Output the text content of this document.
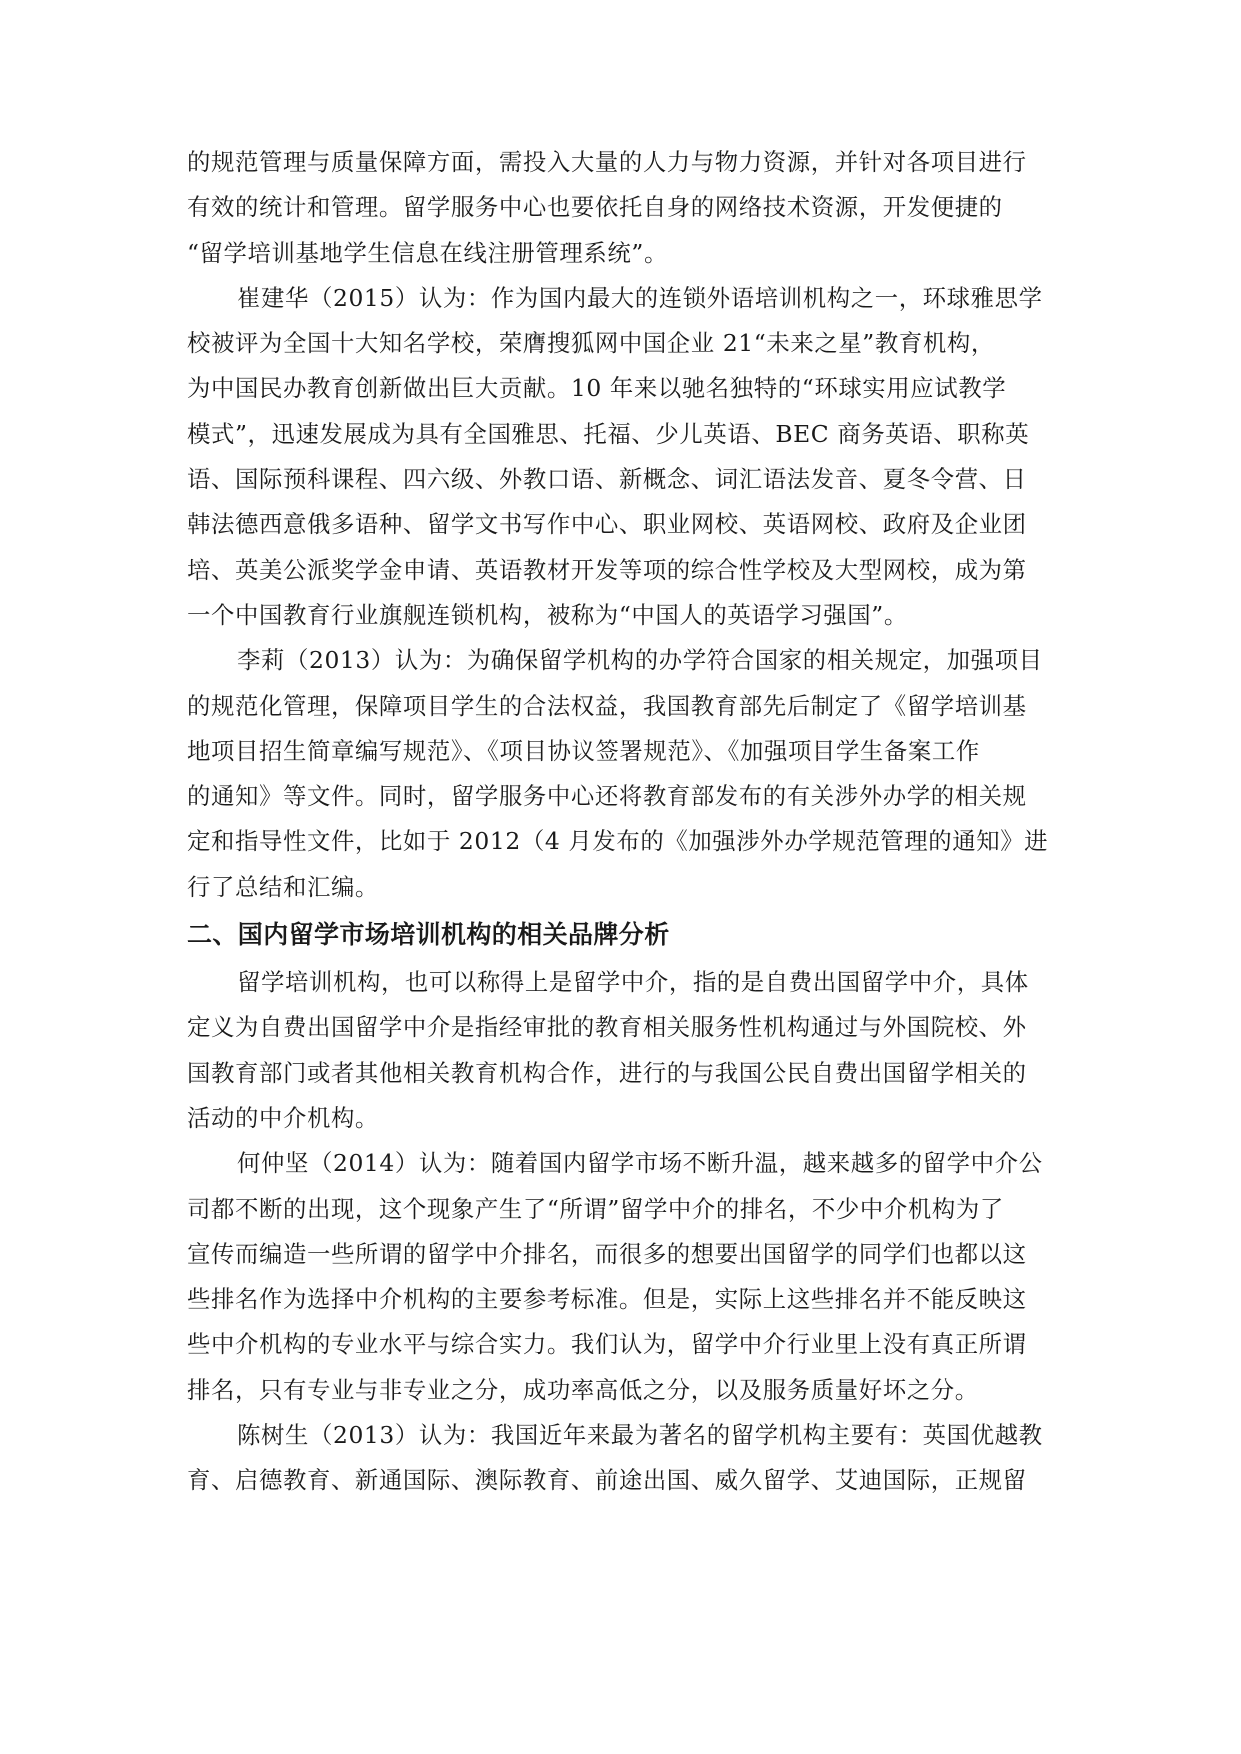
的规范管理与质量保障方面，需投入大量的人力与物力资源，并针对各项目进行
有效的统计和管理。留学服务中心也要依托自身的网络技术资源，开发便捷的
“留学培训基地学生信息在线注册管理系统”。

崔建华（2015）认为：作为国内最大的连锁外语培训机构之一，环球雅思学
校被评为全国十大知名学校，荣膺搜狐网中国企业 21“未来之星”教育机构，
为中国民办教育创新做出巨大贡献。10 年来以驰名独特的“环球实用应试教学
模式”，迅速发展成为具有全国雅思、托福、少儿英语、BEC 商务英语、职称英
语、国际预科课程、四六级、外教口语、新概念、词汇语法发音、夏冬令营、日
韩法德西意俄多语种、留学文书写作中心、职业网校、英语网校、政府及企业团
培、英美公派奖学金申请、英语教材开发等项的综合性学校及大型网校，成为第
一个中国教育行业旗舰连锁机构，被称为“中国人的英语学习强国”。

李莉（2013）认为：为确保留学机构的办学符合国家的相关规定，加强项目
的规范化管理，保障项目学生的合法权益，我国教育部先后制定了《留学培训基
地项目招生简章编写规范》、《项目协议签署规范》、《加强项目学生备案工作
的通知》等文件。同时，留学服务中心还将教育部发布的有关涉外办学的相关规
定和指导性文件，比如于 2012（4 月发布的《加强涉外办学规范管理的通知》进
行了总结和汇编。

二、国内留学市场培训机构的相关品牌分析

留学培训机构，也可以称得上是留学中介，指的是自费出国留学中介，具体
定义为自费出国留学中介是指经审批的教育相关服务性机构通过与外国院校、外
国教育部门或者其他相关教育机构合作，进行的与我国公民自费出国留学相关的
活动的中介机构。

何仲坚（2014）认为：随着国内留学市场不断升温，越来越多的留学中介公
司都不断的出现，这个现象产生了“所谓”留学中介的排名，不少中介机构为了
宣传而编造一些所谓的留学中介排名，而很多的想要出国留学的同学们也都以这
些排名作为选择中介机构的主要参考标准。但是，实际上这些排名并不能反映这
些中介机构的专业水平与综合实力。我们认为，留学中介行业里上没有真正所谓
排名，只有专业与非专业之分，成功率高低之分，以及服务质量好坏之分。

陈树生（2013）认为：我国近年来最为著名的留学机构主要有：英国优越教
育、启德教育、新通国际、澳际教育、前途出国、威久留学、艾迪国际，正规留
